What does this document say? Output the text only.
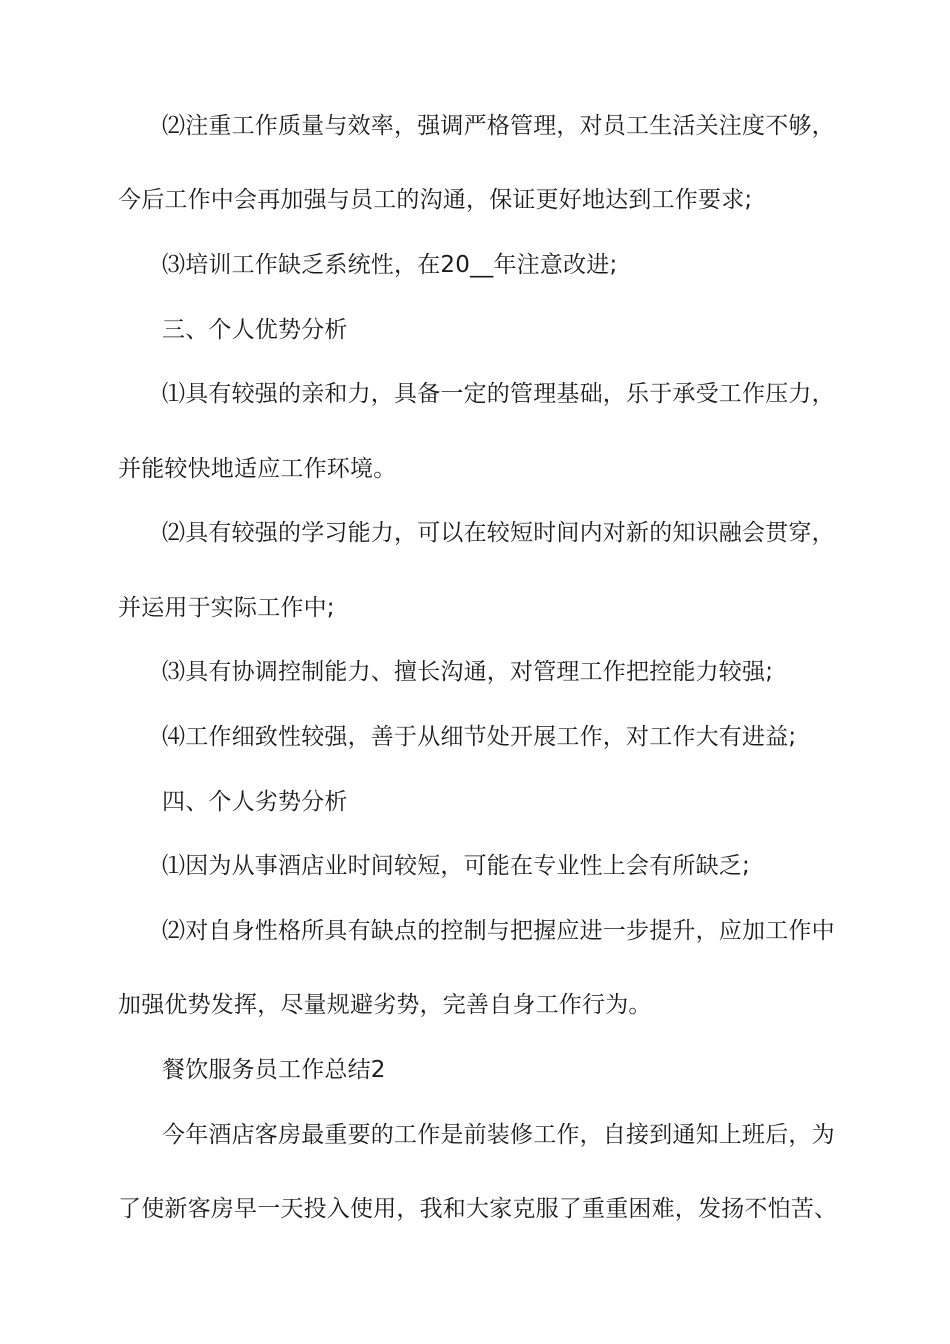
⑵注重工作质量与效率，强调严格管理，对员工生活关注度不够，
今后工作中会再加强与员工的沟通，保证更好地达到工作要求;
⑶培训工作缺乏系统性，在20__年注意改进;
三、个人优势分析
⑴具有较强的亲和力，具备一定的管理基础，乐于承受工作压力，
并能较快地适应工作环境。
⑵具有较强的学习能力，可以在较短时间内对新的知识融会贯穿，
并运用于实际工作中;
⑶具有协调控制能力、擅长沟通，对管理工作把控能力较强;
⑷工作细致性较强，善于从细节处开展工作，对工作大有进益;
四、个人劣势分析
⑴因为从事酒店业时间较短，可能在专业性上会有所缺乏;
⑵对自身性格所具有缺点的控制与把握应进一步提升，应加工作中
加强优势发挥，尽量规避劣势，完善自身工作行为。
餐饮服务员工作总结2
今年酒店客房最重要的工作是前装修工作，自接到通知上班后，为
了使新客房早一天投入使用，我和大家克服了重重困难，发扬不怕苦、
